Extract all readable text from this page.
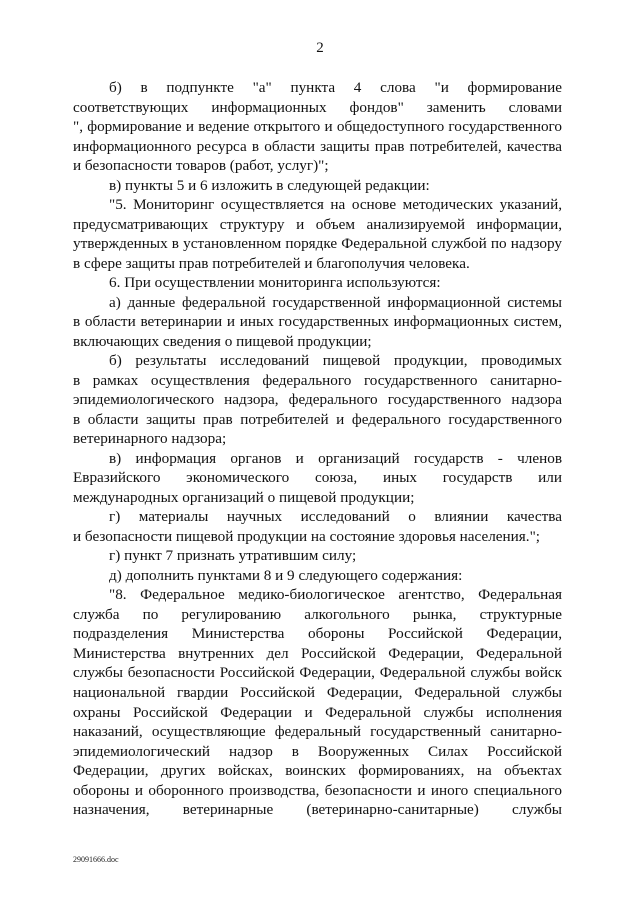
2
б) в подпункте "а" пункта 4 слова "и формирование
соответствующих информационных фондов" заменить словами
", формирование и ведение открытого и общедоступного государственного
информационного ресурса в области защиты прав потребителей, качества
и безопасности товаров (работ, услуг)";
в) пункты 5 и 6 изложить в следующей редакции:
"5. Мониторинг осуществляется на основе методических указаний,
предусматривающих структуру и объем анализируемой информации,
утвержденных в установленном порядке Федеральной службой по надзору
в сфере защиты прав потребителей и благополучия человека.
6. При осуществлении мониторинга используются:
а) данные федеральной государственной информационной системы
в области ветеринарии и иных государственных информационных систем,
включающих сведения о пищевой продукции;
б) результаты исследований пищевой продукции, проводимых
в рамках осуществления федерального государственного санитарно-
эпидемиологического надзора, федерального государственного надзора
в области защиты прав потребителей и федерального государственного
ветеринарного надзора;
в) информация органов и организаций государств - членов
Евразийского экономического союза, иных государств или
международных организаций о пищевой продукции;
г) материалы научных исследований о влиянии качества
и безопасности пищевой продукции на состояние здоровья населения.";
г) пункт 7 признать утратившим силу;
д) дополнить пунктами 8 и 9 следующего содержания:
"8. Федеральное медико-биологическое агентство, Федеральная
служба по регулированию алкогольного рынка, структурные
подразделения Министерства обороны Российской Федерации,
Министерства внутренних дел Российской Федерации, Федеральной
службы безопасности Российской Федерации, Федеральной службы войск
национальной гвардии Российской Федерации, Федеральной службы
охраны Российской Федерации и Федеральной службы исполнения
наказаний, осуществляющие федеральный государственный санитарно-
эпидемиологический надзор в Вооруженных Силах Российской
Федерации, других войсках, воинских формированиях, на объектах
обороны и оборонного производства, безопасности и иного специального
назначения, ветеринарные (ветеринарно-санитарные) службы
29091666.doc
